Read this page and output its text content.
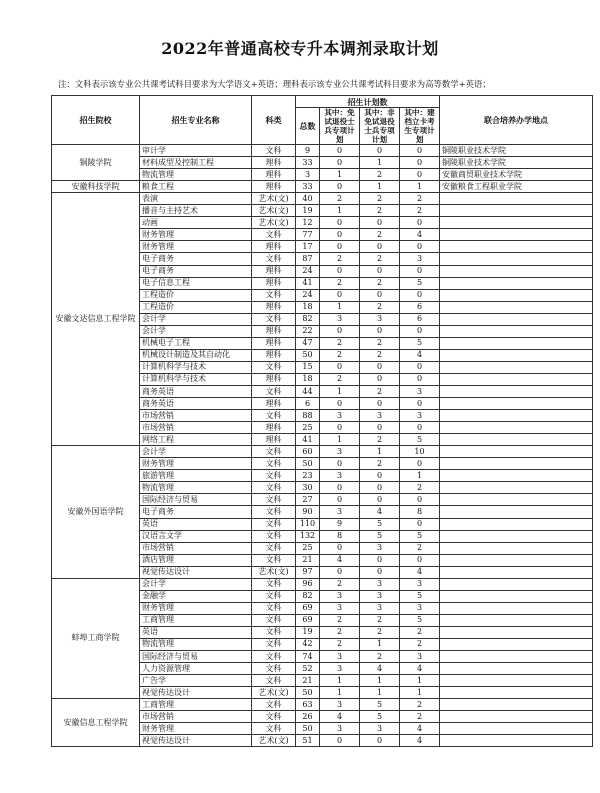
2022年普通高校专升本调剂录取计划
注：文科表示该专业公共课考试科目要求为大学语文+英语；理科表示该专业公共课考试科目要求为高等数学+英语；
招生院校	招生专业名称	科类	招生计划数				联合培养办学地点
			总数	其中：免试退役士兵专项计划	其中：非免试退役士兵专项计划	其中：建档立卡考生专项计划	

铜陵学院	审计学	文科	9	0	0	0	铜陵职业技术学院
	材料成型及控制工程	理科	33	0	1	0	铜陵职业技术学院
	物流管理	理科	3	1	2	0	安徽商贸职业技术学院
安徽科技学院	粮食工程	理科	33	0	1	1	安徽粮食工程职业学院
安徽文达信息工程学院	表演	艺术(文)	40	2	2	2	
	播音与主持艺术	艺术(文)	19	1	2	2	
	动画	艺术(文)	12	0	0	0	
	财务管理	文科	77	0	2	4	
	财务管理	理科	17	0	0	0	
	电子商务	文科	87	2	2	3	
	电子商务	理科	24	0	0	0	
	电子信息工程	理科	41	2	2	5	
	工程造价	文科	24	0	0	0	
	工程造价	理科	18	1	2	6	
	会计学	文科	82	3	3	6	
	会计学	理科	22	0	0	0	
	机械电子工程	理科	47	2	2	5	
	机械设计制造及其自动化	理科	50	2	2	4	
	计算机科学与技术	文科	15	0	0	0	
	计算机科学与技术	理科	18	2	0	0	
	商务英语	文科	44	1	2	3	
	商务英语	理科	6	0	0	0	
	市场营销	文科	88	3	3	3	
	市场营销	理科	25	0	0	0	
	网络工程	理科	41	1	2	5	
安徽外国语学院	会计学	文科	60	3	1	10	
	财务管理	文科	50	0	2	0	
	旅游管理	文科	23	3	0	1	
	物流管理	文科	30	0	0	2	
	国际经济与贸易	文科	27	0	0	0	
	电子商务	文科	90	3	4	8	
	英语	文科	110	9	5	0	
	汉语言文学	文科	132	8	5	5	
	市场营销	文科	25	0	3	2	
	酒店管理	文科	21	4	0	0	
	视觉传达设计	艺术(文)	97	0	0	4	
蚌埠工商学院	会计学	文科	96	2	3	3	
	金融学	文科	82	3	3	5	
	财务管理	文科	69	3	3	3	
	工商管理	文科	69	2	2	5	
	英语	文科	19	2	2	2	
	物流管理	文科	42	2	1	2	
	国际经济与贸易	文科	74	3	2	3	
	人力资源管理	文科	52	3	4	4	
	广告学	文科	21	1	1	1	
	视觉传达设计	艺术(文)	50	1	1	1	
安徽信息工程学院	工商管理	文科	63	3	5	2	
	市场营销	文科	26	4	5	2	
	财务管理	文科	50	3	3	4	
	视觉传达设计	艺术(文)	51	0	0	4	
